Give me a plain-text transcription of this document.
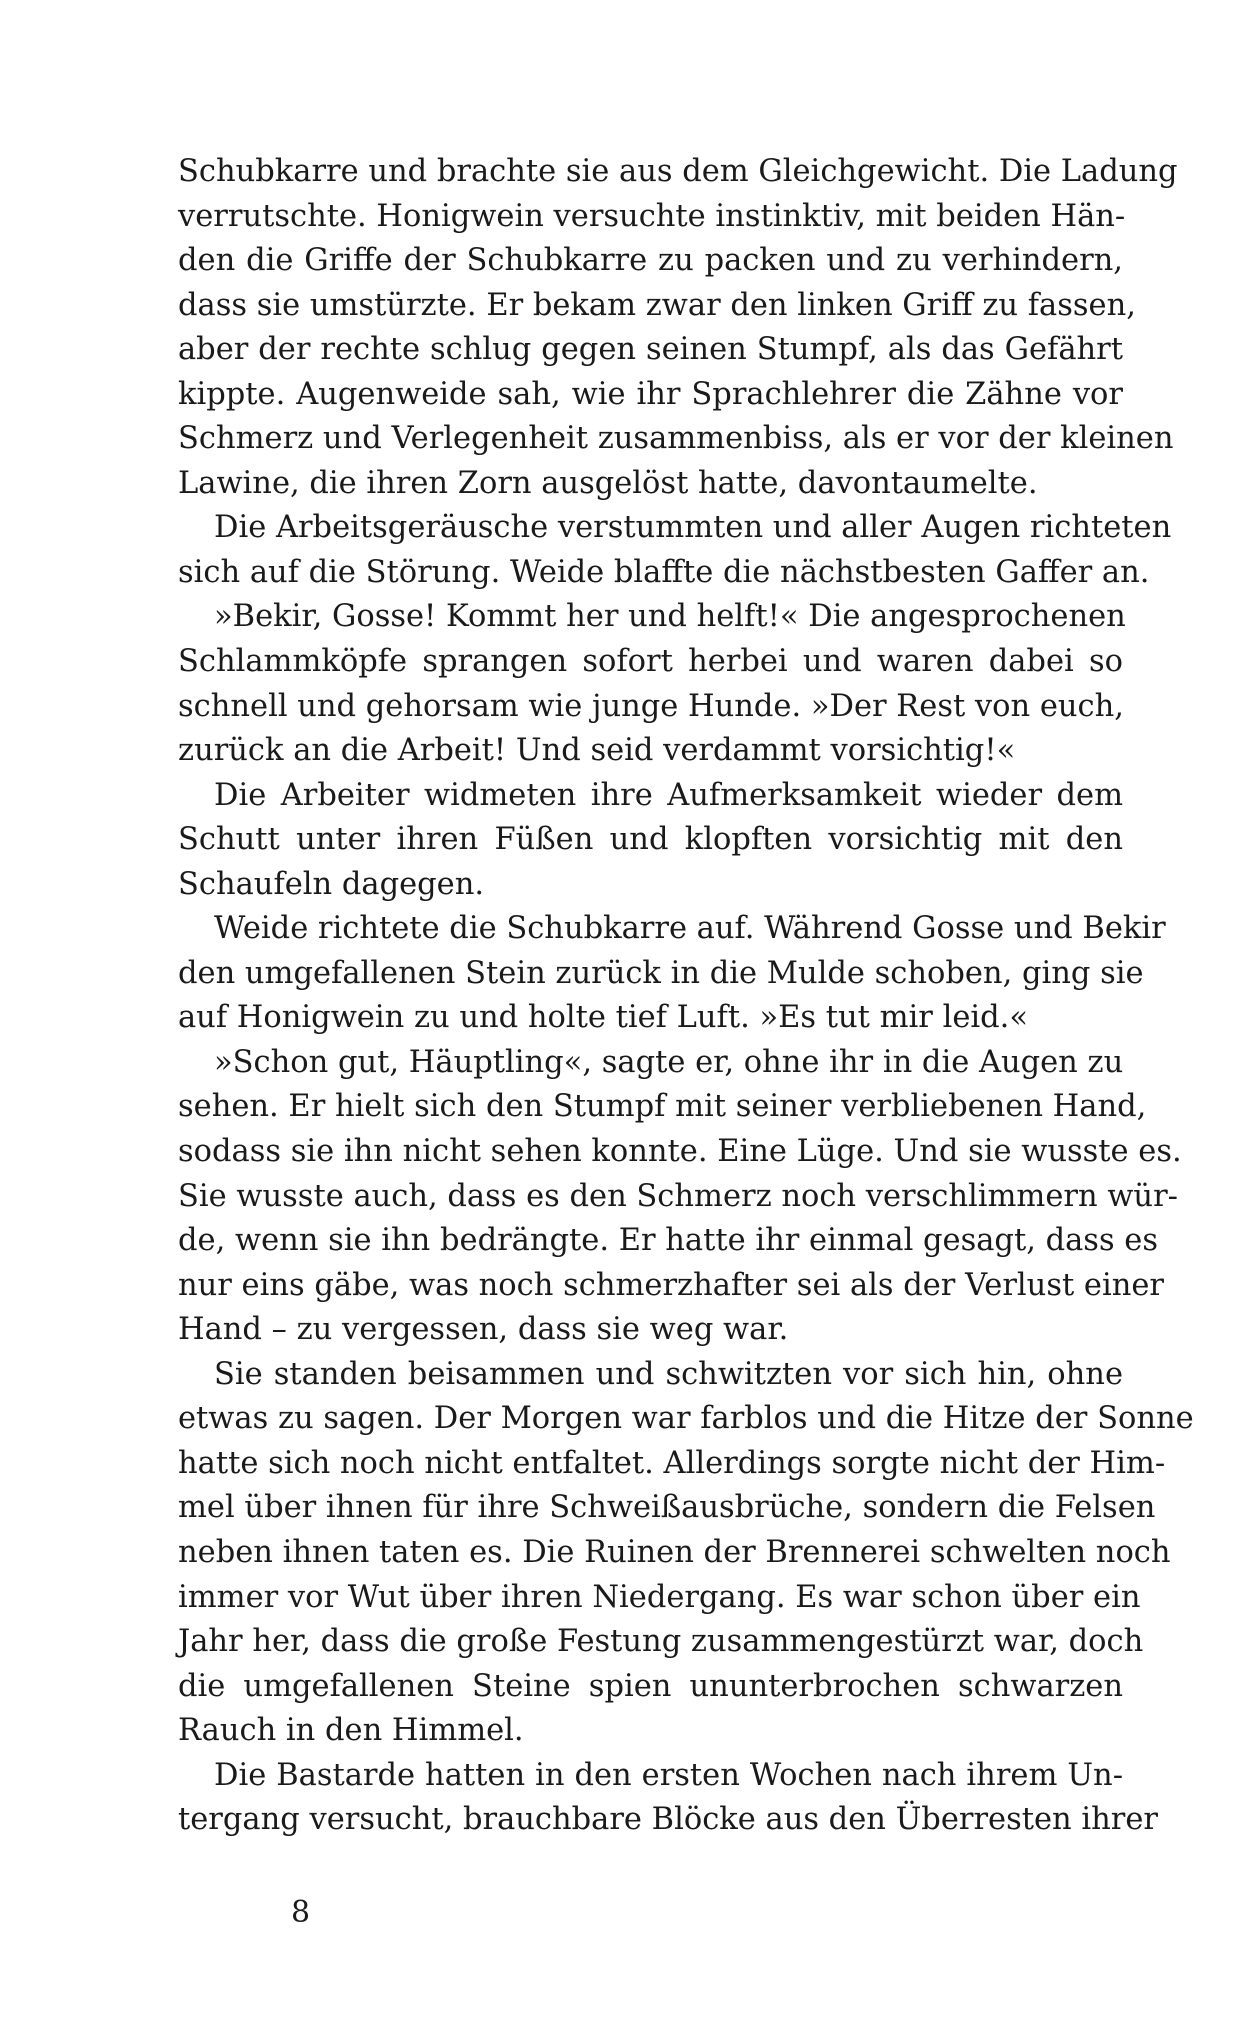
Schubkarre und brachte sie aus dem Gleichgewicht. Die Ladung
verrutschte. Honigwein versuchte instinktiv, mit beiden Hän-
den die Griffe der Schubkarre zu packen und zu verhindern,
dass sie umstürzte. Er bekam zwar den linken Griff zu fassen,
aber der rechte schlug gegen seinen Stumpf, als das Gefährt
kippte. Augenweide sah, wie ihr Sprachlehrer die Zähne vor
Schmerz und Verlegenheit zusammenbiss, als er vor der kleinen
Lawine, die ihren Zorn ausgelöst hatte, davontaumelte.
Die Arbeitsgeräusche verstummten und aller Augen richteten
sich auf die Störung. Weide blaffte die nächstbesten Gaffer an.
»Bekir, Gosse! Kommt her und helft!« Die angesprochenen
Schlammköpfe sprangen sofort herbei und waren dabei so
schnell und gehorsam wie junge Hunde. »Der Rest von euch,
zurück an die Arbeit! Und seid verdammt vorsichtig!«
Die Arbeiter widmeten ihre Aufmerksamkeit wieder dem
Schutt unter ihren Füßen und klopften vorsichtig mit den
Schaufeln dagegen.
Weide richtete die Schubkarre auf. Während Gosse und Bekir
den umgefallenen Stein zurück in die Mulde schoben, ging sie
auf Honigwein zu und holte tief Luft. »Es tut mir leid.«
»Schon gut, Häuptling«, sagte er, ohne ihr in die Augen zu
sehen. Er hielt sich den Stumpf mit seiner verbliebenen Hand,
sodass sie ihn nicht sehen konnte. Eine Lüge. Und sie wusste es.
Sie wusste auch, dass es den Schmerz noch verschlimmern wür-
de, wenn sie ihn bedrängte. Er hatte ihr einmal gesagt, dass es
nur eins gäbe, was noch schmerzhafter sei als der Verlust einer
Hand – zu vergessen, dass sie weg war.
Sie standen beisammen und schwitzten vor sich hin, ohne
etwas zu sagen. Der Morgen war farblos und die Hitze der Sonne
hatte sich noch nicht entfaltet. Allerdings sorgte nicht der Him-
mel über ihnen für ihre Schweißausbrüche, sondern die Felsen
neben ihnen taten es. Die Ruinen der Brennerei schwelten noch
immer vor Wut über ihren Niedergang. Es war schon über ein
Jahr her, dass die große Festung zusammengestürzt war, doch
die umgefallenen Steine spien ununterbrochen schwarzen
Rauch in den Himmel.
Die Bastarde hatten in den ersten Wochen nach ihrem Un-
tergang versucht, brauchbare Blöcke aus den Überresten ihrer
8
